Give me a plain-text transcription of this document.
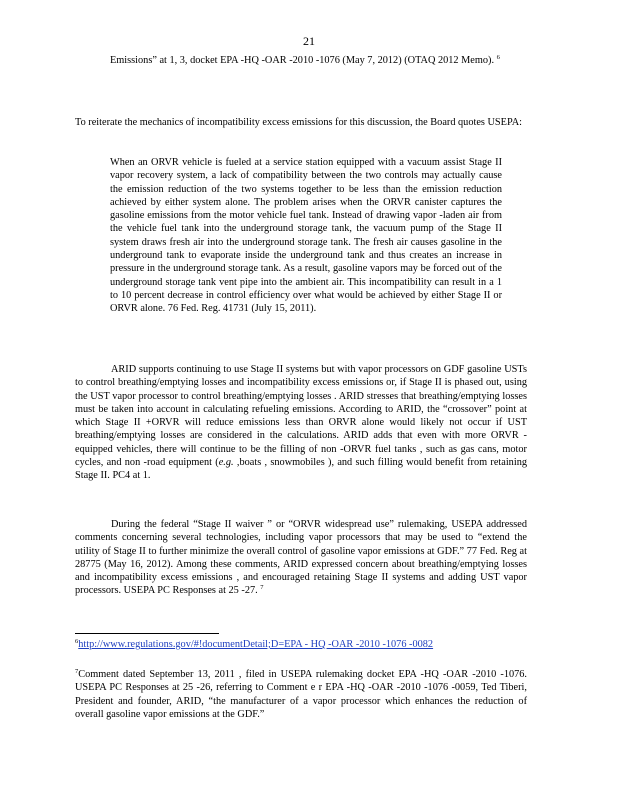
21
Emissions” at 1, 3, docket EPA -HQ -OAR -2010 -1076 (May 7, 2012) (OTAQ 2012 Memo). $^6$
To reiterate the mechanics of incompatibility excess emissions for this discussion, the Board quotes USEPA:
When an ORVR vehicle is fueled at a service station equipped with a vacuum assist Stage II vapor recovery system, a lack of compatibility between the two controls may actually cause the emission reduction of the two systems together to be less than the emission reduction achieved by either system alone. The problem arises when the ORVR canister captures the gasoline emissions from the motor vehicle fuel tank. Instead of drawing vapor -laden air from the vehicle fuel tank into the underground storage tank, the vacuum pump of the Stage II system draws fresh air into the underground storage tank. The fresh air causes gasoline in the underground tank to evaporate inside the underground tank and thus creates an increase in pressure in the underground storage tank. As a result, gasoline vapors may be forced out of the underground storage tank vent pipe into the ambient air. This incompatibility can result in a 1 to 10 percent decrease in control efficiency over what would be achieved by either Stage II or ORVR alone. 76 Fed. Reg. 41731 (July 15, 2011).
ARID supports continuing to use Stage II systems but with vapor processors on GDF gasoline USTs to control breathing/emptying losses and incompatibility excess emissions or, if Stage II is phased out, using the UST vapor processor to control breathing/emptying losses . ARID stresses that breathing/emptying losses must be taken into account in calculating refueling emissions. According to ARID, the “crossover” point at which Stage II +ORVR will reduce emissions less than ORVR alone would likely not occur if UST breathing/emptying losses are considered in the calculations. ARID adds that even with more ORVR -equipped vehicles, there will continue to be the filling of non -ORVR fuel tanks , such as gas cans, motor cycles, and non -road equipment (e.g. ,boats , snowmobiles ), and such filling would benefit from retaining Stage II. PC4 at 1.
During the federal “Stage II waiver ” or “ORVR widespread use” rulemaking, USEPA addressed comments concerning several technologies, including vapor processors that may be used to “extend the utility of Stage II to further minimize the overall control of gasoline vapor emissions at GDF.” 77 Fed. Reg at 28775 (May 16, 2012). Among these comments, ARID expressed concern about breathing/emptying losses and incompatibility excess emissions , and encouraged retaining Stage II systems and adding UST vapor processors. USEPA PC Responses at 25 -27. $^7$
$^6$http://www.regulations.gov/#!documentDetail;D=EPA - HQ -OAR -2010 -1076 -0082
$^7$Comment dated September 13, 2011 , filed in USEPA rulemaking docket EPA -HQ -OAR -2010 -1076. USEPA PC Responses at 25 -26, referring to Comment e r EPA -HQ -OAR -2010 -1076 -0059, Ted Tiberi, President and founder, ARID, “the manufacturer of a vapor processor which enhances the reduction of overall gasoline vapor emissions at the GDF.”
